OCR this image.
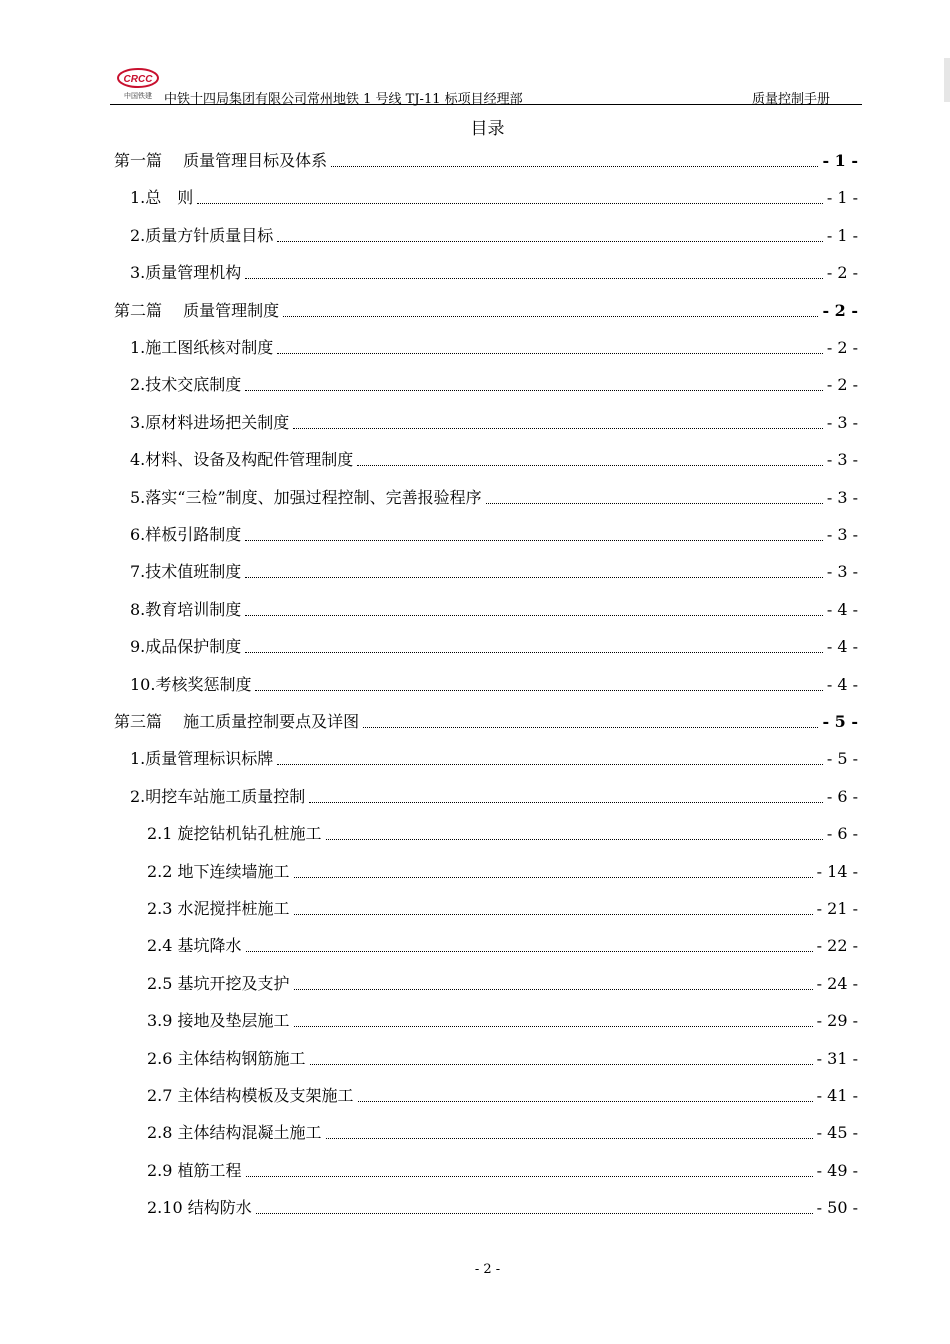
CRCC
中国铁建 中铁十四局集团有限公司常州地铁 1 号线 TJ-11 标项目经理部	质量控制手册
目录
第一篇　 质量管理目标及体系	- 1 -
1.总　则	- 1 -
2.质量方针质量目标	- 1 -
3.质量管理机构	- 2 -
第二篇　 质量管理制度	- 2 -
1.施工图纸核对制度	- 2 -
2.技术交底制度	- 2 -
3.原材料进场把关制度	- 3 -
4.材料、设备及构配件管理制度	- 3 -
5.落实“三检”制度、加强过程控制、完善报验程序	- 3 -
6.样板引路制度	- 3 -
7.技术值班制度	- 3 -
8.教育培训制度	- 4 -
9.成品保护制度	- 4 -
10.考核奖惩制度	- 4 -
第三篇　 施工质量控制要点及详图	- 5 -
1.质量管理标识标牌	- 5 -
2.明挖车站施工质量控制	- 6 -
2.1 旋挖钻机钻孔桩施工	- 6 -
2.2 地下连续墙施工	- 14 -
2.3 水泥搅拌桩施工	- 21 -
2.4 基坑降水	- 22 -
2.5 基坑开挖及支护	- 24 -
3.9 接地及垫层施工	- 29 -
2.6 主体结构钢筋施工	- 31 -
2.7 主体结构模板及支架施工	- 41 -
2.8 主体结构混凝土施工	- 45 -
2.9 植筋工程	- 49 -
2.10 结构防水	- 50 -
- 2 -
